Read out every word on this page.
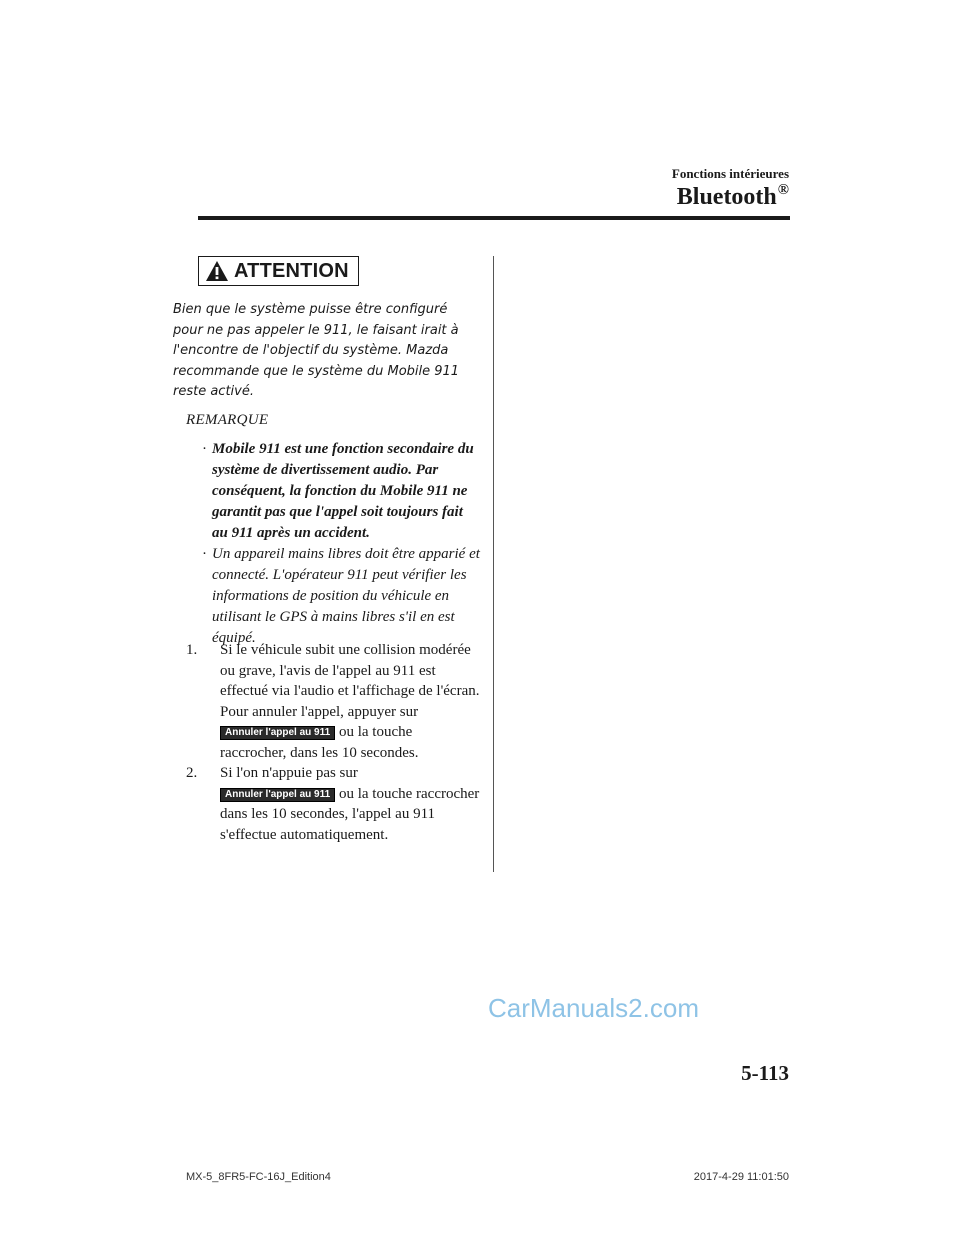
Fonctions intérieures
Bluetooth®
ATTENTION

Bien que le système puisse être configuré pour ne pas appeler le 911, le faisant irait à l'encontre de l'objectif du système. Mazda recommande que le système du Mobile 911 reste activé.

REMARQUE

· Mobile 911 est une fonction secondaire du système de divertissement audio. Par conséquent, la fonction du Mobile 911 ne garantit pas que l'appel soit toujours fait au 911 après un accident.
· Un appareil mains libres doit être apparié et connecté. L'opérateur 911 peut vérifier les informations de position du véhicule en utilisant le GPS à mains libres s'il en est équipé.
1. Si le véhicule subit une collision modérée ou grave, l'avis de l'appel au 911 est effectué via l'audio et l'affichage de l'écran. Pour annuler l'appel, appuyer sur Annuler l'appel au 911 ou la touche raccrocher, dans les 10 secondes.
2. Si l'on n'appuie pas sur
Annuler l'appel au 911 ou la touche raccrocher dans les 10 secondes, l'appel au 911 s'effectue automatiquement.
CarManuals2.com
5-113
MX-5_8FR5-FC-16J_Edition4	2017-4-29 11:01:50
